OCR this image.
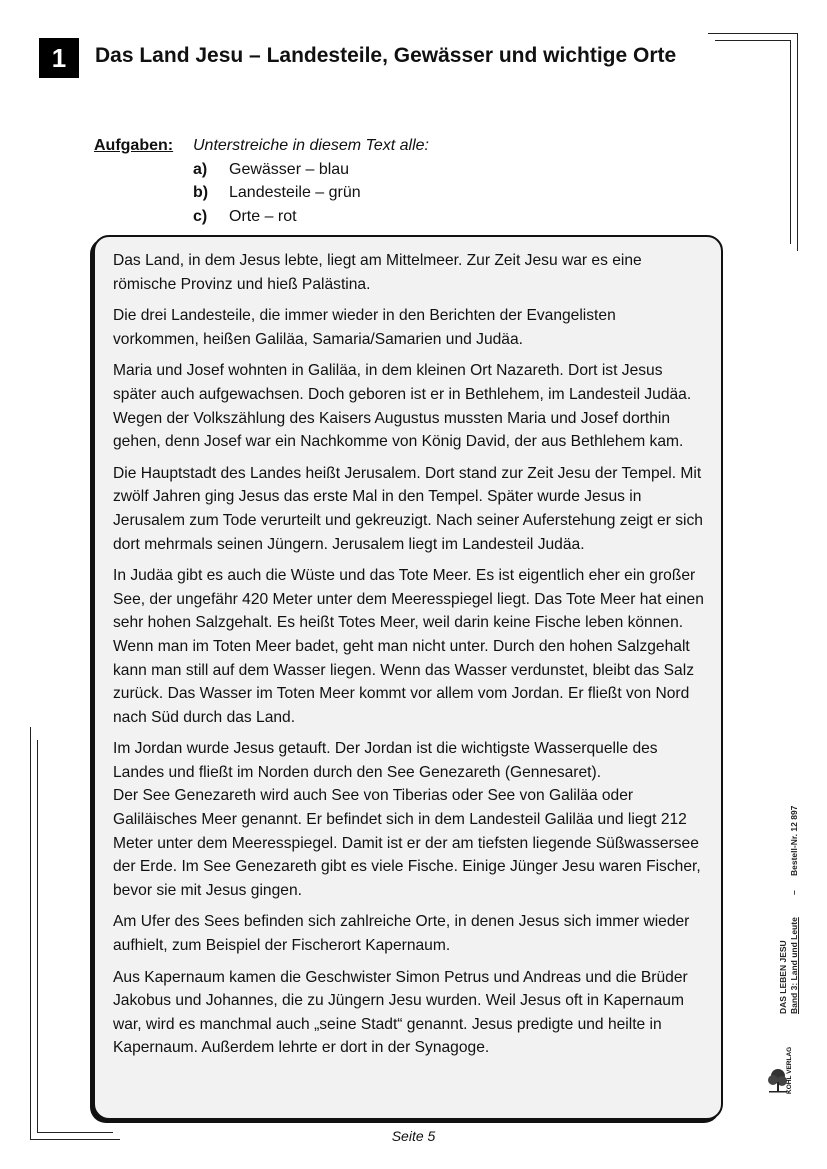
1	Das Land Jesu – Landesteile, Gewässer und wichtige Orte
Aufgaben: Unterstreiche in diesem Text alle:
a) Gewässer – blau
b) Landesteile – grün
c) Orte – rot

Das Land, in dem Jesus lebte, liegt am Mittelmeer. Zur Zeit Jesu war es eine römische Provinz und hieß Palästina.

Die drei Landesteile, die immer wieder in den Berichten der Evangelisten vorkommen, heißen Galiläa, Samaria/Samarien und Judäa.

Maria und Josef wohnten in Galiläa, in dem kleinen Ort Nazareth. Dort ist Jesus später auch aufgewachsen. Doch geboren ist er in Bethlehem, im Landesteil Judäa. Wegen der Volkszählung des Kaisers Augustus mussten Maria und Josef dorthin gehen, denn Josef war ein Nachkomme von König David, der aus Bethlehem kam.

Die Hauptstadt des Landes heißt Jerusalem. Dort stand zur Zeit Jesu der Tempel. Mit zwölf Jahren ging Jesus das erste Mal in den Tempel. Später wurde Jesus in Jerusalem zum Tode verurteilt und gekreuzigt. Nach seiner Auferstehung zeigt er sich dort mehrmals seinen Jüngern. Jerusalem liegt im Landesteil Judäa.

In Judäa gibt es auch die Wüste und das Tote Meer. Es ist eigentlich eher ein großer See, der ungefähr 420 Meter unter dem Meeresspiegel liegt. Das Tote Meer hat einen sehr hohen Salzgehalt. Es heißt Totes Meer, weil darin keine Fische leben können. Wenn man im Toten Meer badet, geht man nicht unter. Durch den hohen Salzgehalt kann man still auf dem Wasser liegen. Wenn das Wasser verdunstet, bleibt das Salz zurück. Das Wasser im Toten Meer kommt vor allem vom Jordan. Er fließt von Nord nach Süd durch das Land.

Im Jordan wurde Jesus getauft. Der Jordan ist die wichtigste Wasserquelle des Landes und fließt im Norden durch den See Genezareth (Gennesaret).

Der See Genezareth wird auch See von Tiberias oder See von Galiläa oder Galiläisches Meer genannt. Er befindet sich in dem Landesteil Galiläa und liegt 212 Meter unter dem Meeresspiegel. Damit ist er der am tiefsten liegende Süßwassersee der Erde. Im See Genezareth gibt es viele Fische. Einige Jünger Jesu waren Fischer, bevor sie mit Jesus gingen.

Am Ufer des Sees befinden sich zahlreiche Orte, in denen Jesus sich immer wieder aufhielt, zum Beispiel der Fischerort Kapernaum.

Aus Kapernaum kamen die Geschwister Simon Petrus und Andreas und die Brüder Jakobus und Johannes, die zu Jüngern Jesu wurden. Weil Jesus oft in Kapernaum war, wird es manchmal auch „seine Stadt“ genannt. Jesus predigte und heilte in Kapernaum. Außerdem lehrte er dort in der Synagoge.

Seite 5
Bestell-Nr. 12 897
–
DAS LEBEN JESU Band 3: Land und Leute
KOHL VERLAG
